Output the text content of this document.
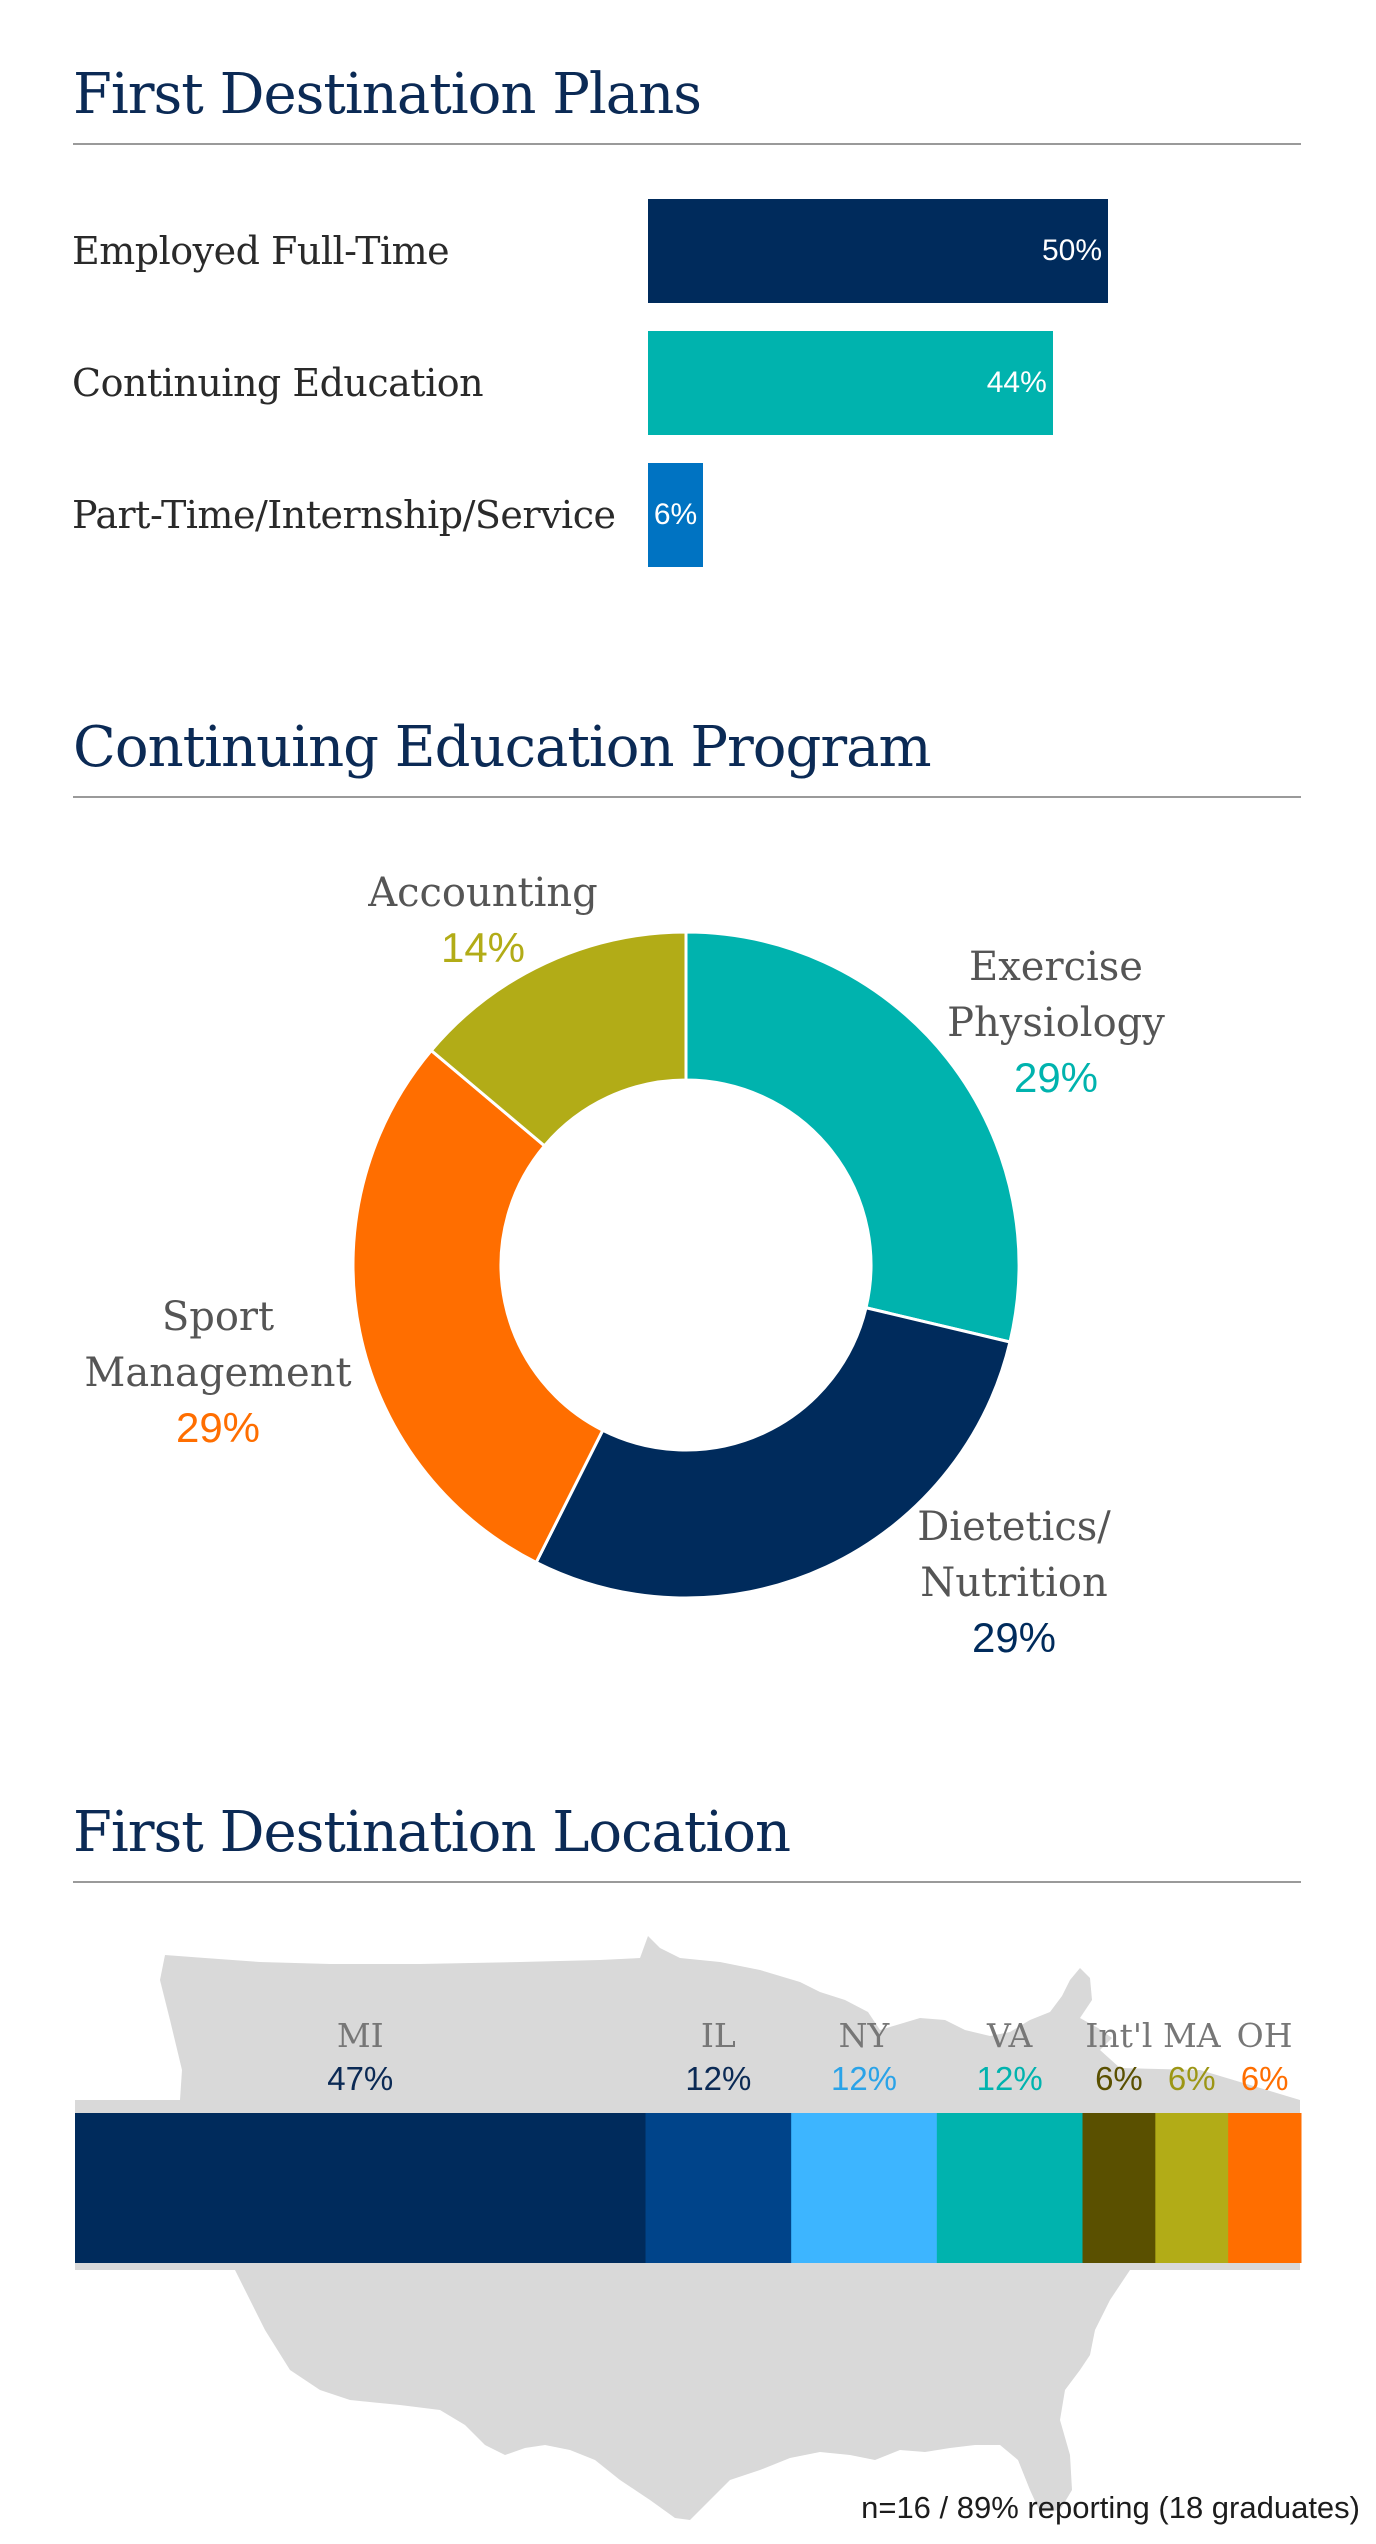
First Destination Plans
Employed Full-Time	50%
Continuing Education	44%
Part-Time/Internship/Service 6%
Continuing Education Program
Exercise
Physiology
29%
Dietetics/
Nutrition
29%
Sport
Management
29%
Accounting
14%
First Destination Location
MI
47%
IL
12%
NY
12%
VA
12%
Int'l
6%
MA
6%
OH
6%
n=16 / 89% reporting (18 graduates)
